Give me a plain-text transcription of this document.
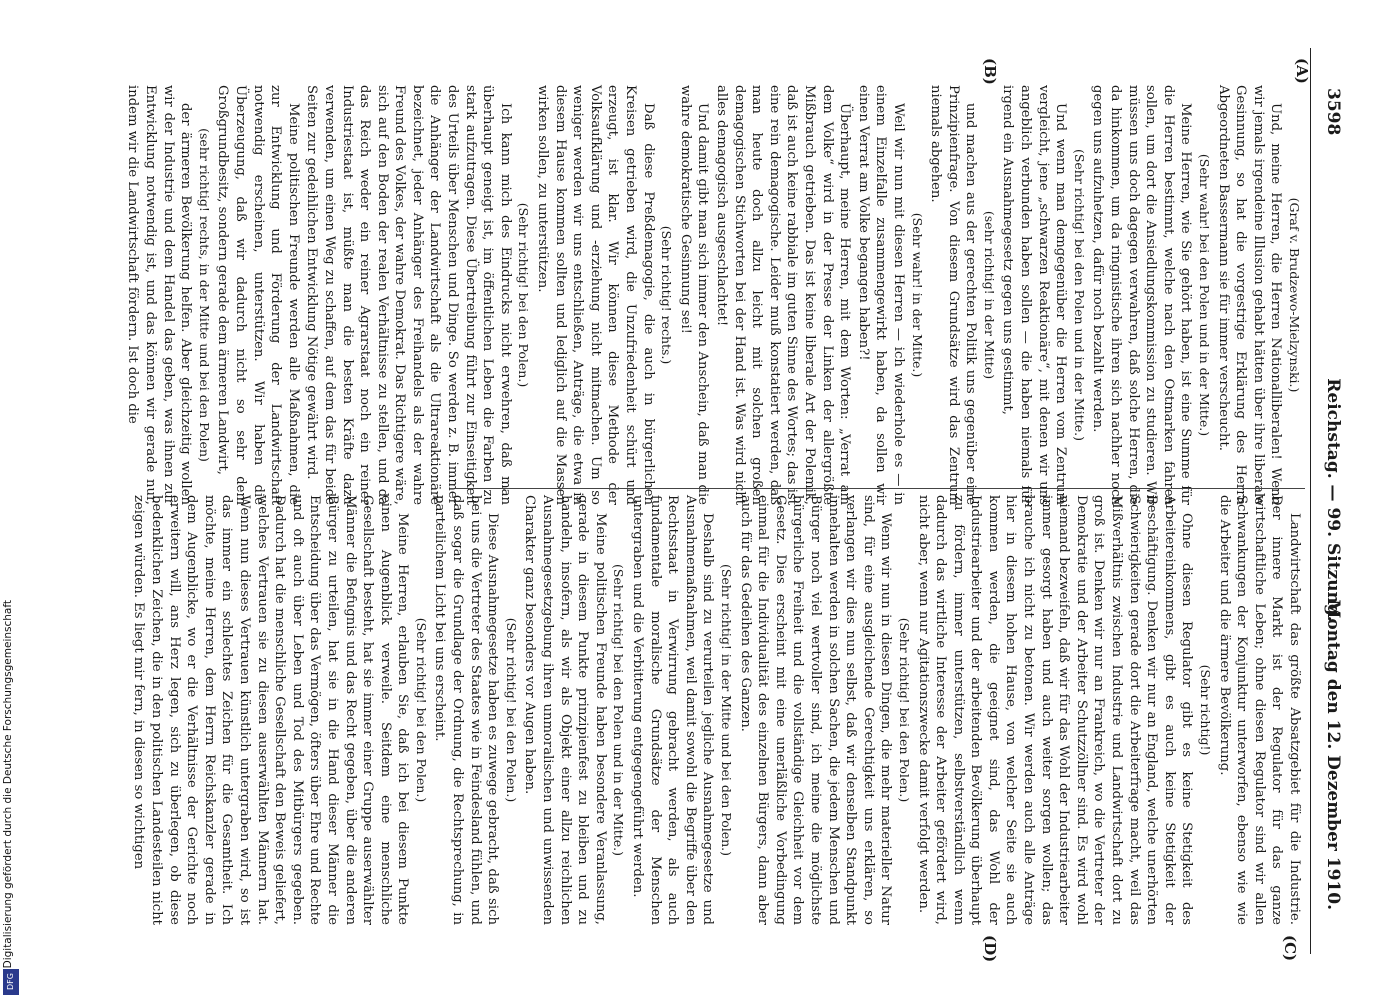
3598
Reichstag. — 99. Sitzung.
Montag den 12. Dezember 1910.
(A)
(B)
(C)
(D)

(Graf v. Brudzewo-Mielzynski.)

Und, meine Herren, die Herren Nationalliberalen! Wenn wir jemals irgendeine Illusion gehabt hätten über ihre liberale Gesinnung, so hat die vorgestrige Erklärung des Herrn Abgeordneten Bassermann sie für immer verscheucht.

(Sehr wahr! bei den Polen und in der Mitte.)

Meine Herren, wie Sie gehört haben, ist eine Summe für die Herren bestimmt, welche nach den Ostmarken fahren sollen, um dort die Ansiedlungskommission zu studieren. Wir müssen uns doch dagegen verwahren, daß solche Herren, die da hinkommen, um da ringnistische ihren sich nachher noch gegen uns aufzuhetzen, dafür noch bezahlt werden.

(Sehr richtig! bei den Polen und in der Mitte.)

Und wenn man demgegenüber die Herren vom Zentrum vergleicht, jene „schwarzen Reaktionäre“, mit denen wir uns angeblich verbunden haben sollen — die haben niemals für irgend ein Ausnahmegesetz gegen uns gestimmt,

(sehr richtig! in der Mitte)

und machen aus der gerechten Politik uns gegenüber eine Prinzipienfrage. Von diesem Grundsätze wird das Zentrum niemals abgehen.

(Sehr wahr! in der Mitte.)

Weil wir nun mit diesen Herren — ich wiederhole es — in einem Einzelfalle zusammengewirkt haben, da sollen wir einen Verrat am Volke begangen haben?!

Überhaupt, meine Herren, mit dem Worten: „Verrat am dem Volke“ wird in der Presse der Linken der allergrößte Mißbrauch getrieben. Das ist keine liberale Art der Polemik, daß ist auch keine rabbiale im guten Sinne des Wortes; das ist eine rein demagogische. Leider muß konstatiert werden, daß man heute doch allzu leicht mit solchen großen demagogischen Stichworten bei der Hand ist. Was wird nicht alles demagogisch ausgeschlachtet!

Und damit gibt man sich immer den Anschein, daß man die wahre demokratische Gesinnung sei!

(Sehr richtig! rechts.)

Daß diese Preßdemagogie, die auch in bürgerlichen Kreisen getrieben wird, die Unzufriedenheit schürt und erzeugt, ist klar. Wir können diese Methode der Volksaufklärung und -erziehung nicht mitmachen. Um so weniger werden wir uns entschließen, Anträge, die etwa in diesem Hause kommen sollten und lediglich auf die Massen wirken sollen, zu unterstützen.

(Sehr richtig! bei den Polen.)

Ich kann mich des Eindrucks nicht erwehren, daß man überhaupt geneigt ist, im öffentlichen Leben die Farben zu stark aufzutragen. Diese Übertreibung führt zur Einseitigkeit des Urteils über Menschen und Dinge. So werden z. B. immer die Anhänger der Landwirtschaft als die Ultrareaktionäre bezeichnet, jeder Anhänger des Freihandels als der wahre Freund des Volkes, der wahre Demokrat. Das Richtigere wäre, sich auf den Boden der realen Verhältnisse zu stellen, und da das Reich weder ein reiner Agrarstaat noch ein reiner Industriestaat ist, müßte man die besten Kräfte dazu verwenden, um einen Weg zu schaffen, auf dem das für beide Seiten zur gedeihlichen Entwicklung Nötige gewährt wird.

Meine politischen Freunde werden alle Maßnahmen, die zur Entwicklung und Förderung der Landwirtschaft notwendig erscheinen, unterstützen. Wir haben die Überzeugung, daß wir dadurch nicht so sehr dem Großgrundbesitz, sondern gerade dem ärmeren Landwirt,

(sehr richtig! rechts, in der Mitte und bei den Polen)

der ärmeren Bevölkerung helfen. Aber gleichzeitig wollen wir der Industrie und dem Handel das geben, was ihnen zur Entwicklung notwendig ist, und das können wir gerade nur, indem wir die Landwirtschaft fördern. Ist doch die

Landwirtschaft das größte Absatzgebiet für die Industrie. Der innere Markt ist der Regulator für das ganze wirtschaftliche Leben; ohne diesen Regulator sind wir allen Schwankungen der Konjunktur unterworfen, ebenso wie wie die Arbeiter und die ärmere Bevölkerung.

(Sehr richtig!)

Ohne diesen Regulator gibt es keine Stetigkeit des Arbeitereinkommens, gibt es auch keine Stetigkeit der Beschäftigung. Denken wir nur an England, welche unerhörten Schwierigkeiten gerade dort die Arbeiterfrage macht, weil das Mißverhältnis zwischen Industrie und Landwirtschaft dort zu groß ist. Denken wir nur an Frankreich, wo die Vertreter der Demokratie und der Arbeiter Schutzzöllner sind. Es wird wohl niemand bezweifeln, daß wir für das Wohl der Industriearbeiter immer gesorgt haben und auch weiter sorgen wollen; das brauche ich nicht zu betonen. Wir werden auch alle Anträge hier in diesem hohen Hause, von welcher Seite sie auch kommen werden, die geeignet sind, das Wohl der Industriearbeiter und der arbeitenden Bevölkerung überhaupt zu fördern, immer unterstützen, selbstverständlich wenn dadurch das wirtliche Interesse der Arbeiter gefördert wird, nicht aber, wenn nur Agitationszwecke damit verfolgt werden.

(Sehr richtig! bei den Polen.)

Wenn wir nun in diesen Dingen, die mehr materieller Natur sind, für eine ausgleichende Gerechtigkeit uns erklären, so verlangen wir dies nun selbst, daß wir denselben Standpunkt innehalten werden in solchen Sachen, die jedem Menschen und Bürger noch viel wertvoller sind, ich meine die möglichste bürgerliche Freiheit und die vollständige Gleichheit vor dem Gesetz. Dies erscheint mit eine unerläßliche Vorbedingung einmal für die Individualität des einzelnen Bürgers, dann aber auch für das Gedeihen des Ganzen.

(Sehr richtig! in der Mitte und bei den Polen.)

Deshalb sind zu verurteilen jegliche Ausnahmegesetze und Ausnahmemaßnahmen, weil damit sowohl die Begriffe über den Rechtsstaat in Verwirrung gebracht werden, als auch fundamentale moralische Grundsätze der Menschen untergraben und die Verbitterung entgegengeführt werden.

(Sehr richtig! bei den Polen und in der Mitte.)

Meine politischen Freunde haben besondere Veranlassung, gerade in diesem Punkte prinzipienfest zu bleiben und zu handeln, insofern, als wir als Objekt einer allzu reichlichen Ausnahmegesetzgebung ihren unmoralischen und unwissenden Charakter ganz besonders vor Augen haben.

(Sehr richtig! bei den Polen.)

Diese Ausnahmegesetze haben es zuwege gebracht, daß sich bei uns die Vertreter des Staates wie in Feindesland fühlen, und daß sogar die Grundlage der Ordnung, die Rechtsprechung, in parteilichem Licht bei uns erscheint.

(Sehr richtig! bei den Polen.)

Meine Herren, erlauben Sie, daß ich bei diesem Punkte einen Augenblick verweile. Seitdem eine menschliche Gesellschaft besteht, hat sie immer einer Gruppe auserwählter Männer die Befugnis und das Recht gegeben, über die anderen Bürger zu urteilen, hat sie in die Hand dieser Männer die Entscheidung über das Vermögen, öfters über Ehre und Rechte und oft auch über Leben und Tod des Mitbürgers gegeben. Dadurch hat die menschliche Gesellschaft den Beweis geliefert, welches Vertrauen sie zu diesen auserwählten Männern hat. Wenn nun dieses Vertrauen künstlich untergraben wird, so ist das immer ein schlechtes Zeichen für die Gesamtheit. Ich möchte, meine Herren, dem Herrn Reichskanzler gerade in dem Augenblicke, wo er die Verhältnisse der Gerichte noch erweitern will, ans Herz legen, sich zu überlegen, ob diese bedenklichen Zeichen, die in den politischen Landesteilen nicht zeigen würden. Es liegt mir fern, in diesen so wichtigen

Digitalisierung gefördert durch die Deutsche Forschungsgemeinschaft
DFG
